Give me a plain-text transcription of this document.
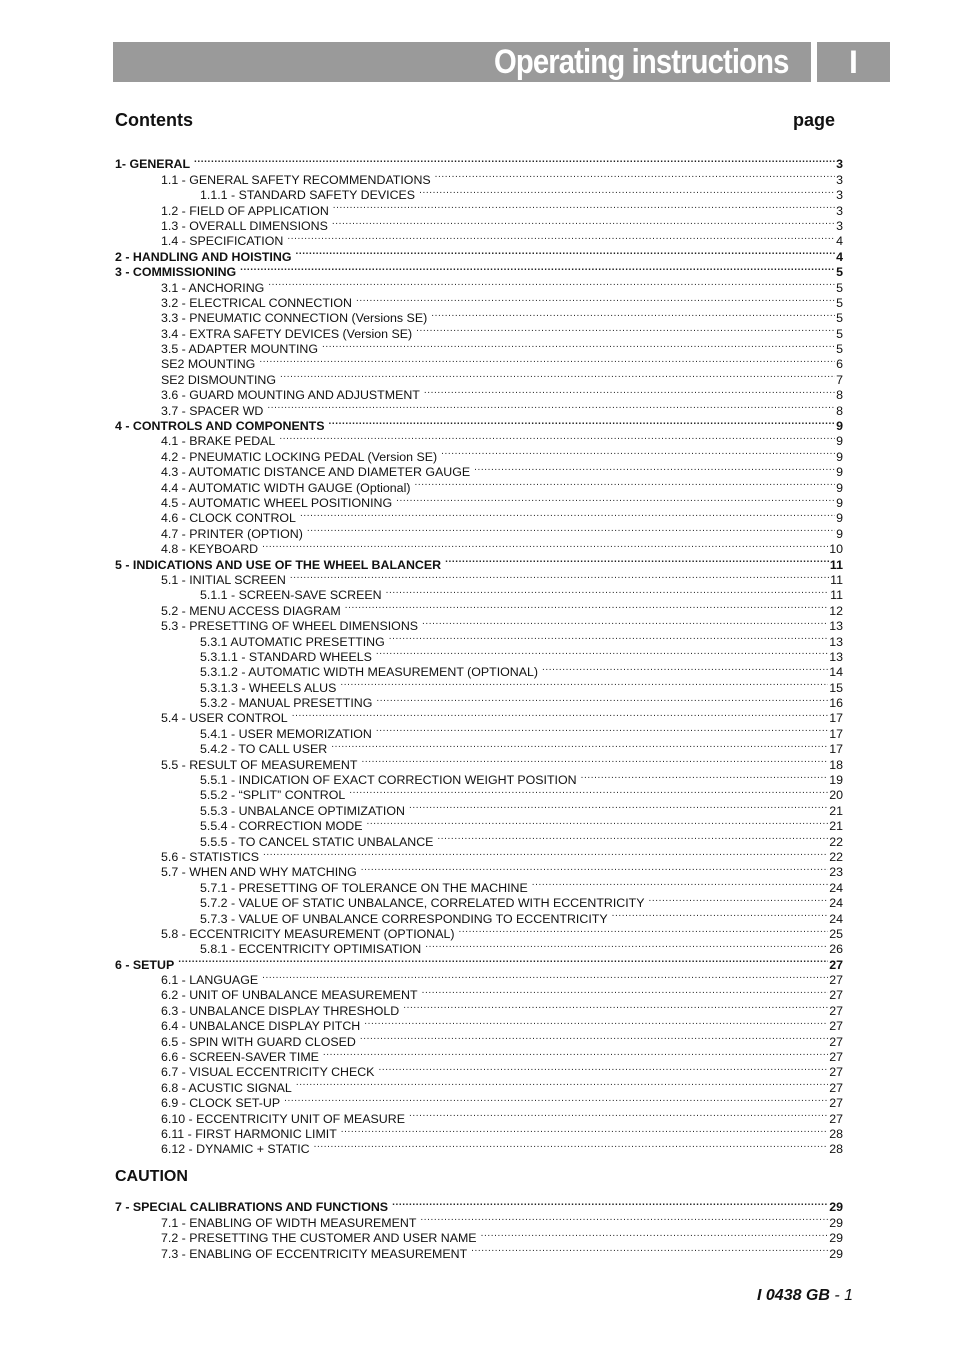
Operating instructions	I
Contents	page
1- GENERAL .....	3
1.1 - GENERAL SAFETY RECOMMENDATIONS .....	3
1.1.1 - STANDARD SAFETY DEVICES .....	3
1.2 - FIELD OF APPLICATION .....	3
1.3 - OVERALL DIMENSIONS .....	3
1.4 - SPECIFICATION .....	4
2 - HANDLING AND HOISTING .....	4
3 - COMMISSIONING .....	5
3.1 - ANCHORING .....	5
3.2 - ELECTRICAL CONNECTION .....	5
3.3 - PNEUMATIC CONNECTION (Versions SE) .....	5
3.4 - EXTRA SAFETY DEVICES (Version SE) .....	5
3.5 - ADAPTER MOUNTING .....	5
SE2 MOUNTING .....	6
SE2 DISMOUNTING .....	7
3.6 - GUARD MOUNTING AND ADJUSTMENT .....	8
3.7 - SPACER WD .....	8
4 - CONTROLS AND COMPONENTS .....	9
4.1 - BRAKE PEDAL .....	9
4.2 - PNEUMATIC LOCKING PEDAL (Version SE) .....	9
4.3 - AUTOMATIC DISTANCE AND DIAMETER GAUGE .....	9
4.4 - AUTOMATIC WIDTH GAUGE (Optional) .....	9
4.5 - AUTOMATIC WHEEL POSITIONING .....	9
4.6 - CLOCK CONTROL .....	9
4.7 - PRINTER (OPTION) .....	9
4.8 - KEYBOARD .....	10
5 - INDICATIONS AND USE OF THE WHEEL BALANCER .....	11
5.1 - INITIAL SCREEN .....	11
5.1.1 - SCREEN-SAVE SCREEN .....	11
5.2 - MENU ACCESS DIAGRAM .....	12
5.3 - PRESETTING OF WHEEL DIMENSIONS .....	13
5.3.1 AUTOMATIC PRESETTING .....	13
5.3.1.1 - STANDARD WHEELS .....	13
5.3.1.2 - AUTOMATIC WIDTH MEASUREMENT (OPTIONAL) .....	14
5.3.1.3 - WHEELS ALUS .....	15
5.3.2 - MANUAL PRESETTING .....	16
5.4 - USER CONTROL .....	17
5.4.1 - USER MEMORIZATION .....	17
5.4.2 - TO CALL USER .....	17
5.5 - RESULT OF MEASUREMENT .....	18
5.5.1 - INDICATION OF EXACT CORRECTION WEIGHT POSITION .....	19
5.5.2 - “SPLIT” CONTROL .....	20
5.5.3 - UNBALANCE OPTIMIZATION .....	21
5.5.4 - CORRECTION MODE .....	21
5.5.5 - TO CANCEL STATIC UNBALANCE .....	22
5.6 - STATISTICS .....	22
5.7 - WHEN AND WHY MATCHING .....	23
5.7.1 - PRESETTING OF TOLERANCE ON THE MACHINE .....	24
5.7.2 - VALUE OF STATIC UNBALANCE, CORRELATED WITH ECCENTRICITY .....	24
5.7.3 - VALUE OF UNBALANCE CORRESPONDING TO ECCENTRICITY .....	24
5.8 - ECCENTRICITY MEASUREMENT (OPTIONAL) .....	25
5.8.1 - ECCENTRICITY OPTIMISATION .....	26
6 - SETUP .....	27
6.1 - LANGUAGE .....	27
6.2 - UNIT OF UNBALANCE MEASUREMENT .....	27
6.3 - UNBALANCE DISPLAY THRESHOLD .....	27
6.4 - UNBALANCE DISPLAY PITCH .....	27
6.5 - SPIN WITH GUARD CLOSED .....	27
6.6 - SCREEN-SAVER TIME .....	27
6.7 - VISUAL ECCENTRICITY CHECK .....	27
6.8 - ACUSTIC SIGNAL .....	27
6.9 - CLOCK SET-UP .....	27
6.10 - ECCENTRICITY UNIT OF MEASURE .....	27
6.11 - FIRST HARMONIC LIMIT .....	28
6.12 - DYNAMIC + STATIC .....	28
CAUTION
7 - SPECIAL CALIBRATIONS AND FUNCTIONS .....	29
7.1 - ENABLING OF WIDTH MEASUREMENT .....	29
7.2 - PRESETTING THE CUSTOMER AND USER NAME .....	29
7.3 - ENABLING OF ECCENTRICITY MEASUREMENT .....	29
I 0438 GB - 1
